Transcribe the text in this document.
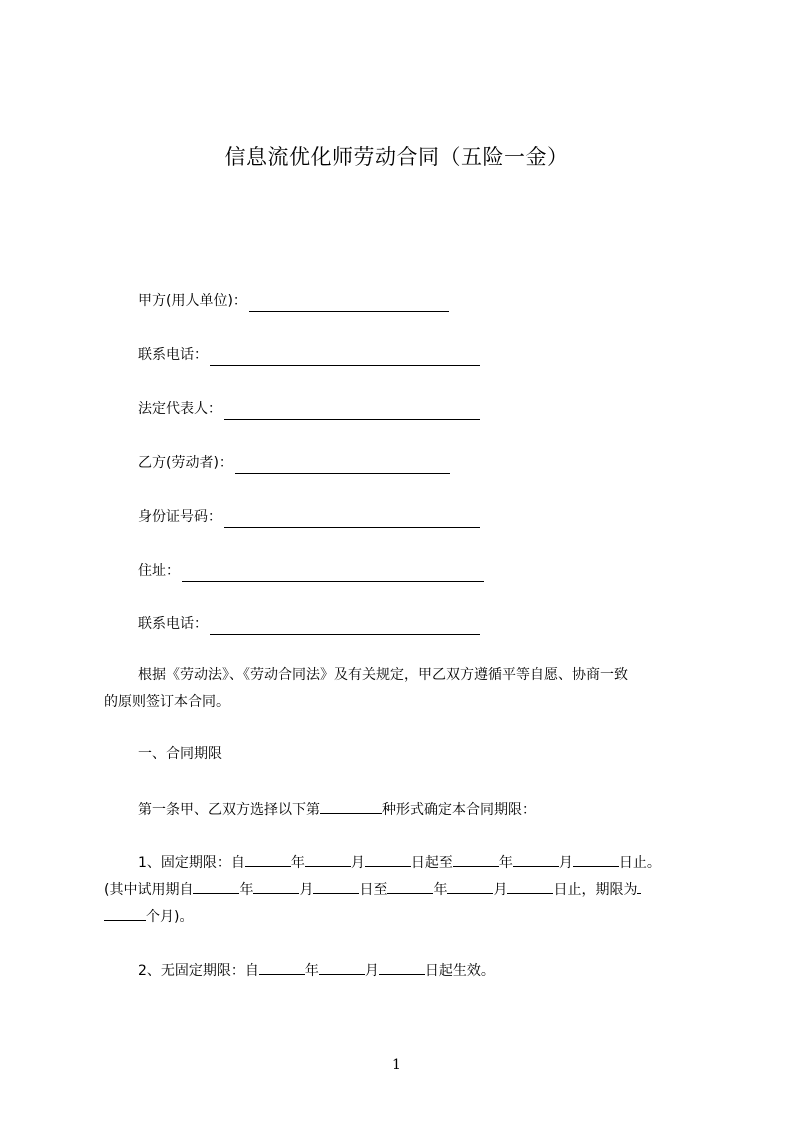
信息流优化师劳动合同（五险一金）
甲方(用人单位)：
联系电话：
法定代表人：
乙方(劳动者)：
身份证号码：
住址：
联系电话：
根据《劳动法》、《劳动合同法》及有关规定，甲乙双方遵循平等自愿、协商一致
的原则签订本合同。
一、合同期限
第一条甲、乙双方选择以下第	种形式确定本合同期限：
1、固定期限：自	年	月	日起至	年	月	日止。
(其中试用期自	年	月	日至	年	月	日止，期限为
个月)。
2、无固定期限：自	年	月	日起生效。
1
